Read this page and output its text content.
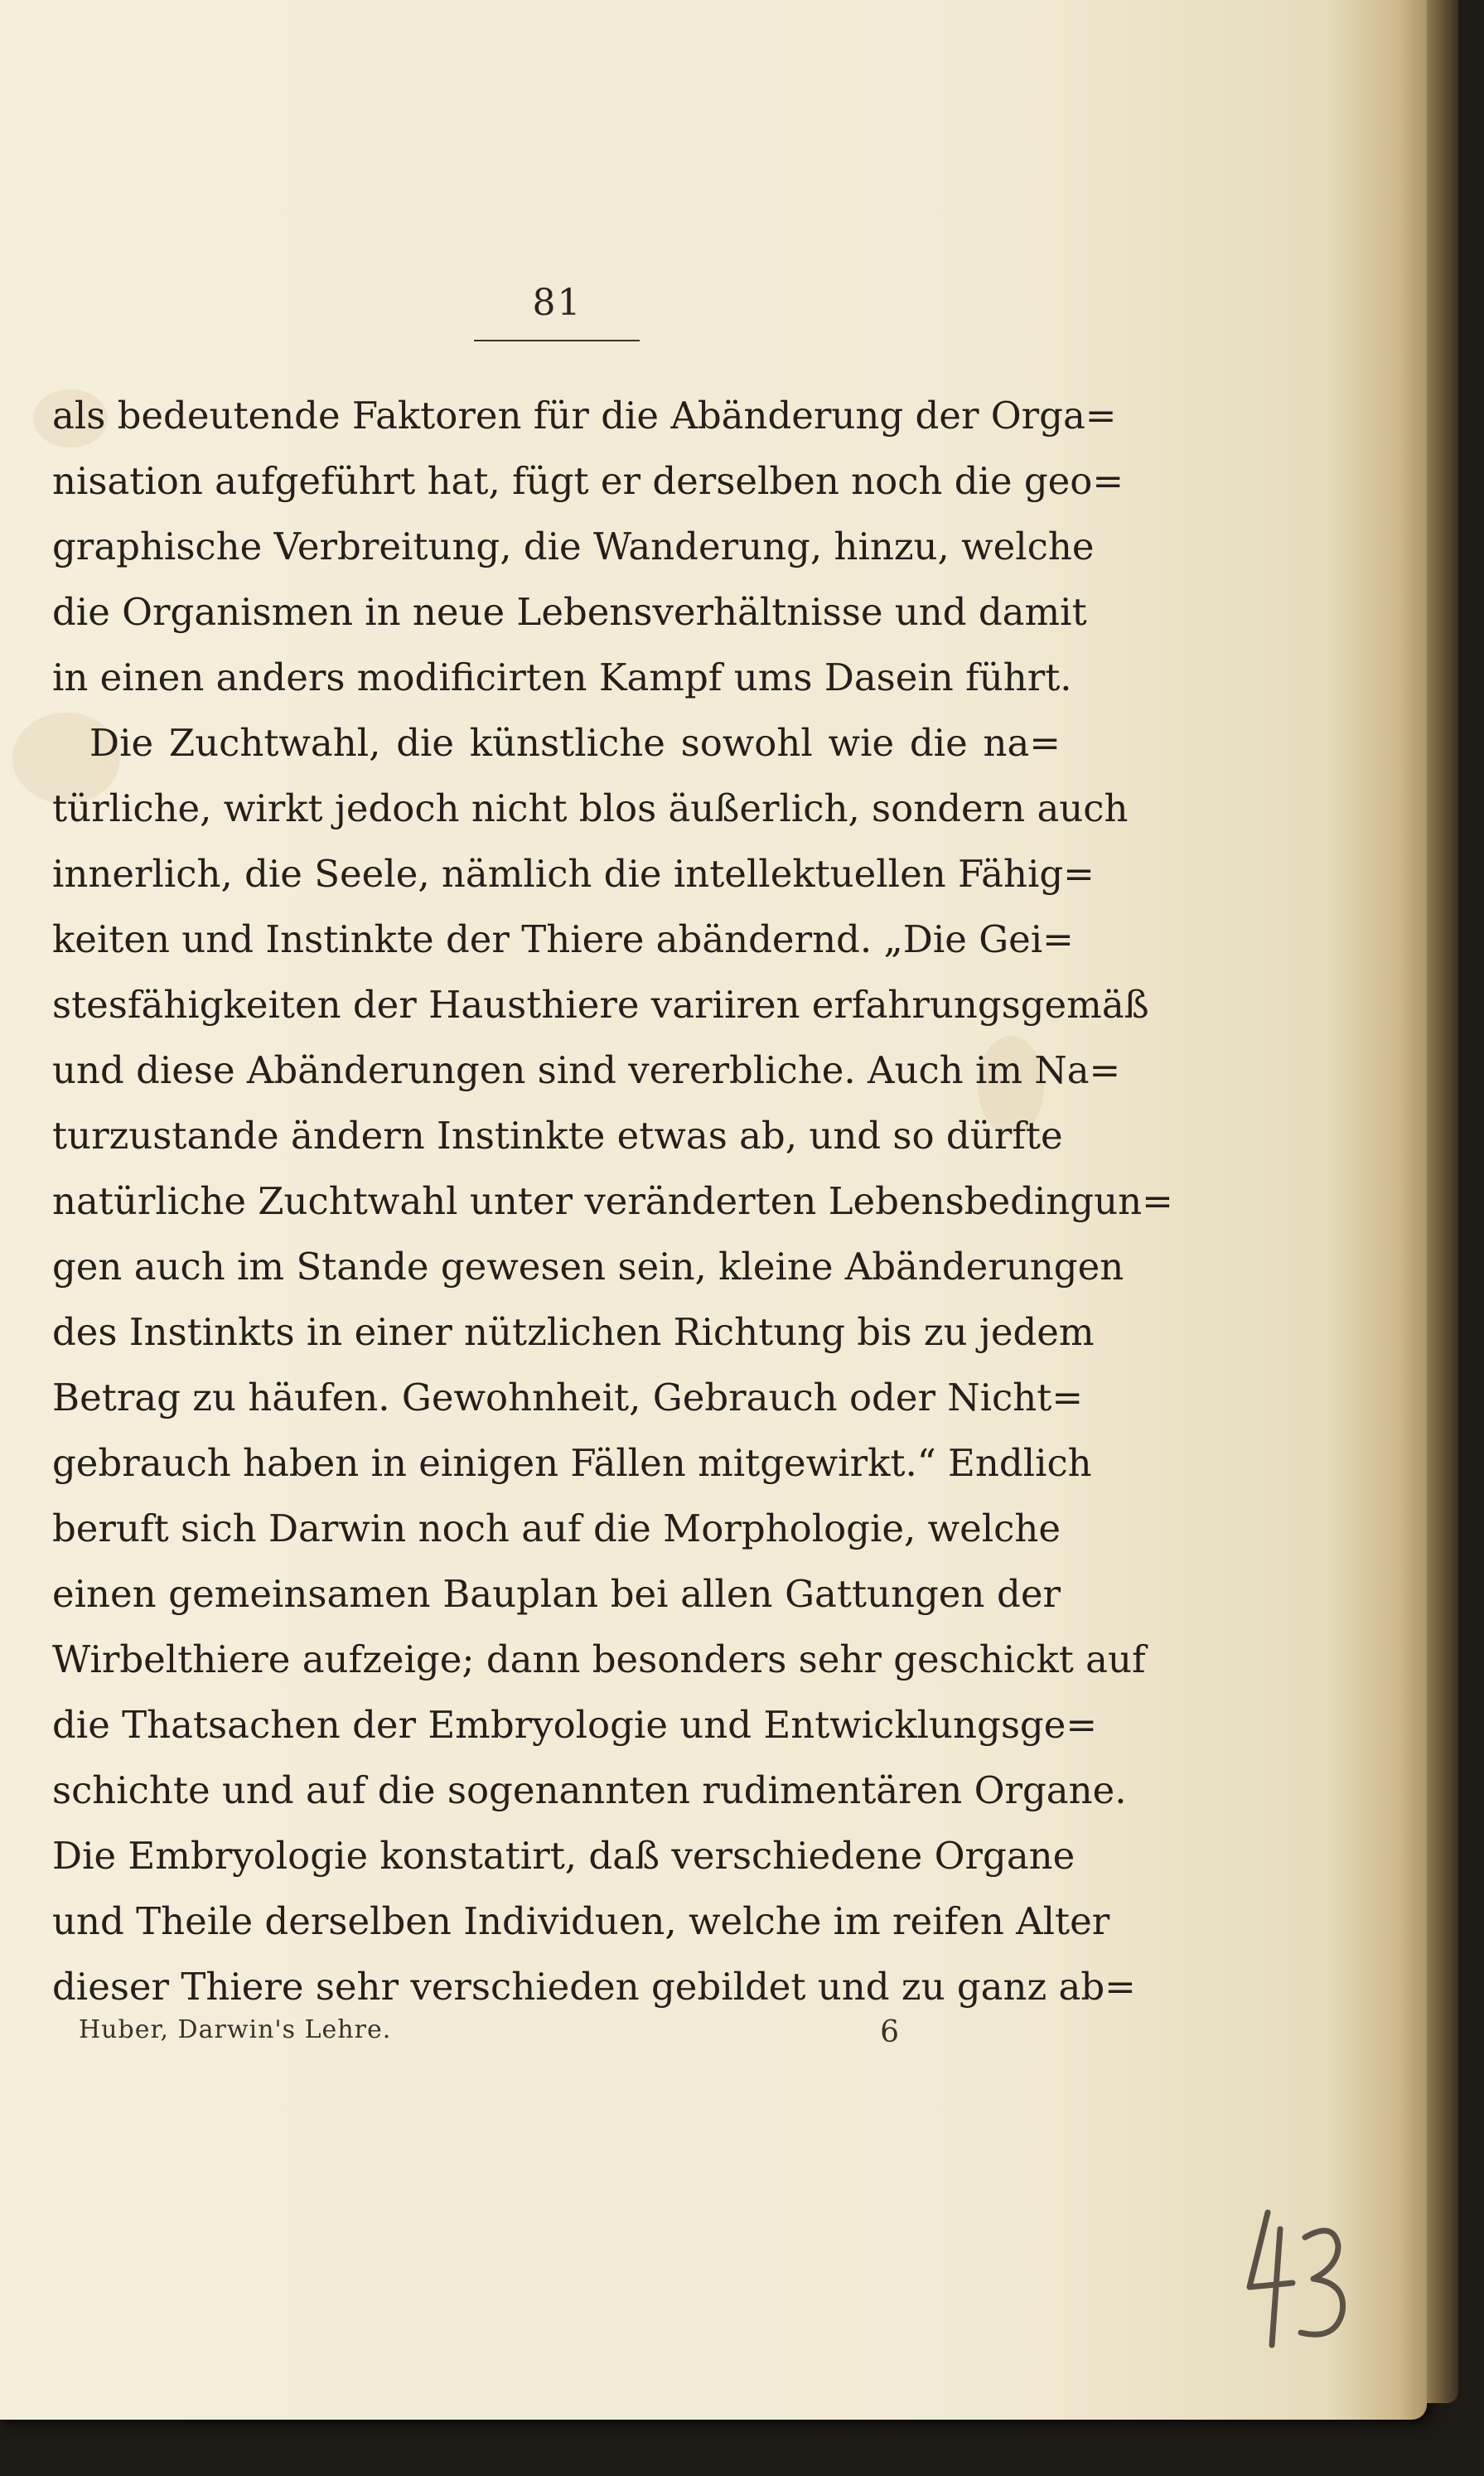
81
als bedeutende Faktoren für die Abänderung der Orga=
nisation aufgeführt hat, fügt er derselben noch die geo=
graphische Verbreitung, die Wanderung, hinzu, welche
die Organismen in neue Lebensverhältnisse und damit
in einen anders modificirten Kampf ums Dasein führt.
Die Zuchtwahl, die künstliche sowohl wie die na=
türliche, wirkt jedoch nicht blos äußerlich, sondern auch
innerlich, die Seele, nämlich die intellektuellen Fähig=
keiten und Instinkte der Thiere abändernd. „Die Gei=
stesfähigkeiten der Hausthiere variiren erfahrungsgemäß
und diese Abänderungen sind vererbliche. Auch im Na=
turzustande ändern Instinkte etwas ab, und so dürfte
natürliche Zuchtwahl unter veränderten Lebensbedingun=
gen auch im Stande gewesen sein, kleine Abänderungen
des Instinkts in einer nützlichen Richtung bis zu jedem
Betrag zu häufen. Gewohnheit, Gebrauch oder Nicht=
gebrauch haben in einigen Fällen mitgewirkt.“ Endlich
beruft sich Darwin noch auf die Morphologie, welche
einen gemeinsamen Bauplan bei allen Gattungen der
Wirbelthiere aufzeige; dann besonders sehr geschickt auf
die Thatsachen der Embryologie und Entwicklungsge=
schichte und auf die sogenannten rudimentären Organe.
Die Embryologie konstatirt, daß verschiedene Organe
und Theile derselben Individuen, welche im reifen Alter
dieser Thiere sehr verschieden gebildet und zu ganz ab=
Huber, Darwin's Lehre.	6
